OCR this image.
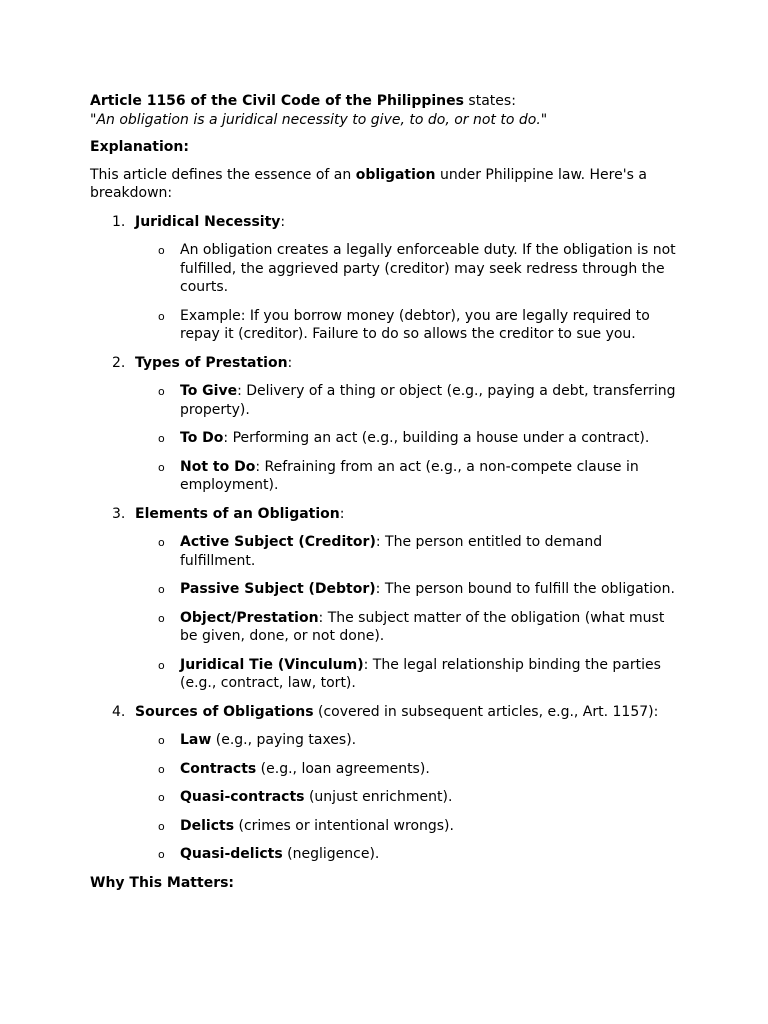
Article 1156 of the Civil Code of the Philippines states:

"An obligation is a juridical necessity to give, to do, or not to do."

Explanation:

This article defines the essence of an obligation under Philippine law. Here's a breakdown:

1. Juridical Necessity:
o An obligation creates a legally enforceable duty. If the obligation is not fulfilled, the aggrieved party (creditor) may seek redress through the courts.
o Example: If you borrow money (debtor), you are legally required to repay it (creditor). Failure to do so allows the creditor to sue you.
2. Types of Prestation:
o To Give: Delivery of a thing or object (e.g., paying a debt, transferring property).
o To Do: Performing an act (e.g., building a house under a contract).
o Not to Do: Refraining from an act (e.g., a non-compete clause in employment).
3. Elements of an Obligation:
o Active Subject (Creditor): The person entitled to demand fulfillment.
o Passive Subject (Debtor): The person bound to fulfill the obligation.
o Object/Prestation: The subject matter of the obligation (what must be given, done, or not done).
o Juridical Tie (Vinculum): The legal relationship binding the parties (e.g., contract, law, tort).
4. Sources of Obligations (covered in subsequent articles, e.g., Art. 1157):
o Law (e.g., paying taxes).
o Contracts (e.g., loan agreements).
o Quasi-contracts (unjust enrichment).
o Delicts (crimes or intentional wrongs).
o Quasi-delicts (negligence).

Why This Matters:
